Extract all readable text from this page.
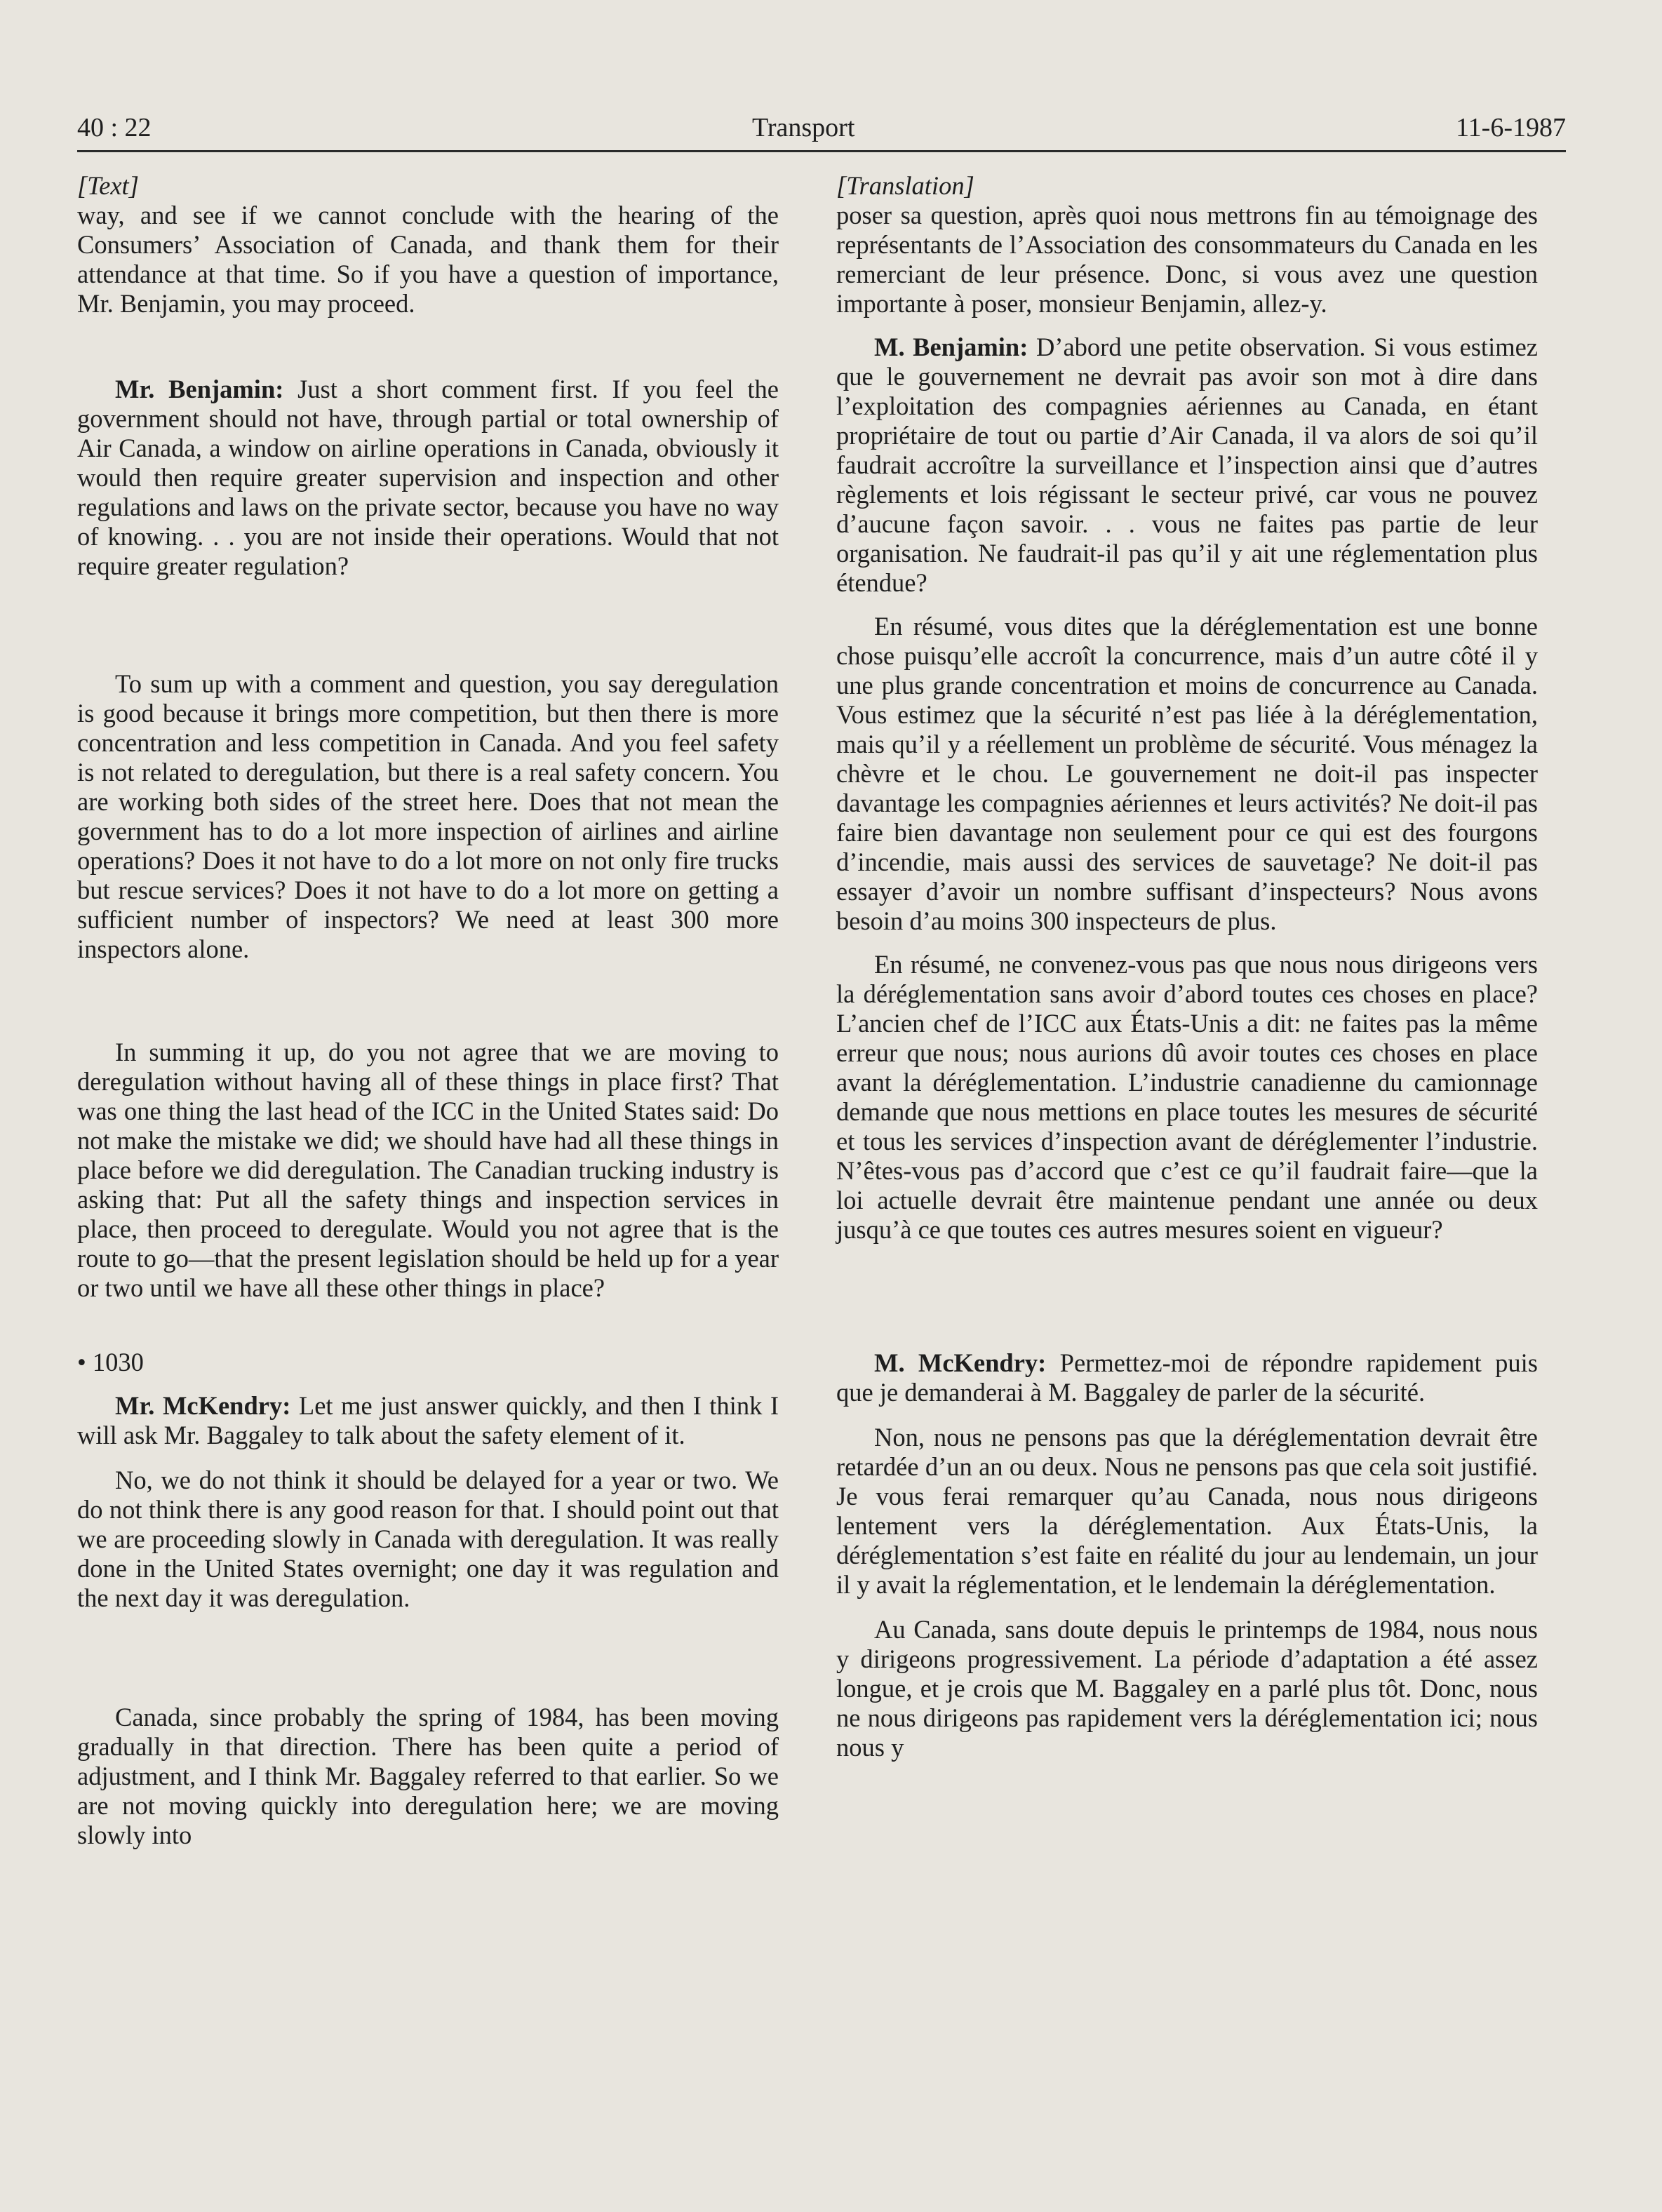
40 : 22	Transport	11-6-1987

[Text]

way, and see if we cannot conclude with the hearing of the Consumers’ Association of Canada, and thank them for their attendance at that time. So if you have a question of importance, Mr. Benjamin, you may proceed.

Mr. Benjamin: Just a short comment first. If you feel the government should not have, through partial or total ownership of Air Canada, a window on airline operations in Canada, obviously it would then require greater supervision and inspection and other regulations and laws on the private sector, because you have no way of knowing. . . you are not inside their operations. Would that not require greater regulation?

To sum up with a comment and question, you say deregulation is good because it brings more competition, but then there is more concentration and less competition in Canada. And you feel safety is not related to deregulation, but there is a real safety concern. You are working both sides of the street here. Does that not mean the government has to do a lot more inspection of airlines and airline operations? Does it not have to do a lot more on not only fire trucks but rescue services? Does it not have to do a lot more on getting a sufficient number of inspectors? We need at least 300 more inspectors alone.

In summing it up, do you not agree that we are moving to deregulation without having all of these things in place first? That was one thing the last head of the ICC in the United States said: Do not make the mistake we did; we should have had all these things in place before we did deregulation. The Canadian trucking industry is asking that: Put all the safety things and inspection services in place, then proceed to deregulate. Would you not agree that is the route to go—that the present legislation should be held up for a year or two until we have all these other things in place?

• 1030

Mr. McKendry: Let me just answer quickly, and then I think I will ask Mr. Baggaley to talk about the safety element of it.

No, we do not think it should be delayed for a year or two. We do not think there is any good reason for that. I should point out that we are proceeding slowly in Canada with deregulation. It was really done in the United States overnight; one day it was regulation and the next day it was deregulation.

Canada, since probably the spring of 1984, has been moving gradually in that direction. There has been quite a period of adjustment, and I think Mr. Baggaley referred to that earlier. So we are not moving quickly into deregulation here; we are moving slowly into

[Translation]

poser sa question, après quoi nous mettrons fin au témoignage des représentants de l’Association des consommateurs du Canada en les remerciant de leur présence. Donc, si vous avez une question importante à poser, monsieur Benjamin, allez-y.

M. Benjamin: D’abord une petite observation. Si vous estimez que le gouvernement ne devrait pas avoir son mot à dire dans l’exploitation des compagnies aériennes au Canada, en étant propriétaire de tout ou partie d’Air Canada, il va alors de soi qu’il faudrait accroître la surveillance et l’inspection ainsi que d’autres règlements et lois régissant le secteur privé, car vous ne pouvez d’aucune façon savoir. . . vous ne faites pas partie de leur organisation. Ne faudrait-il pas qu’il y ait une réglementation plus étendue?

En résumé, vous dites que la déréglementation est une bonne chose puisqu’elle accroît la concurrence, mais d’un autre côté il y une plus grande concentration et moins de concurrence au Canada. Vous estimez que la sécurité n’est pas liée à la déréglementation, mais qu’il y a réellement un problème de sécurité. Vous ménagez la chèvre et le chou. Le gouvernement ne doit-il pas inspecter davantage les compagnies aériennes et leurs activités? Ne doit-il pas faire bien davantage non seulement pour ce qui est des fourgons d’incendie, mais aussi des services de sauvetage? Ne doit-il pas essayer d’avoir un nombre suffisant d’inspecteurs? Nous avons besoin d’au moins 300 inspecteurs de plus.

En résumé, ne convenez-vous pas que nous nous dirigeons vers la déréglementation sans avoir d’abord toutes ces choses en place? L’ancien chef de l’ICC aux États-Unis a dit: ne faites pas la même erreur que nous; nous aurions dû avoir toutes ces choses en place avant la déréglementation. L’industrie canadienne du camionnage demande que nous mettions en place toutes les mesures de sécurité et tous les services d’inspection avant de déréglementer l’industrie. N’êtes-vous pas d’accord que c’est ce qu’il faudrait faire—que la loi actuelle devrait être maintenue pendant une année ou deux jusqu’à ce que toutes ces autres mesures soient en vigueur?

M. McKendry: Permettez-moi de répondre rapidement puis que je demanderai à M. Baggaley de parler de la sécurité.

Non, nous ne pensons pas que la déréglementation devrait être retardée d’un an ou deux. Nous ne pensons pas que cela soit justifié. Je vous ferai remarquer qu’au Canada, nous nous dirigeons lentement vers la déréglementation. Aux États-Unis, la déréglementation s’est faite en réalité du jour au lendemain, un jour il y avait la réglementation, et le lendemain la déréglementation.

Au Canada, sans doute depuis le printemps de 1984, nous nous y dirigeons progressivement. La période d’adaptation a été assez longue, et je crois que M. Baggaley en a parlé plus tôt. Donc, nous ne nous dirigeons pas rapidement vers la déréglementation ici; nous nous y
